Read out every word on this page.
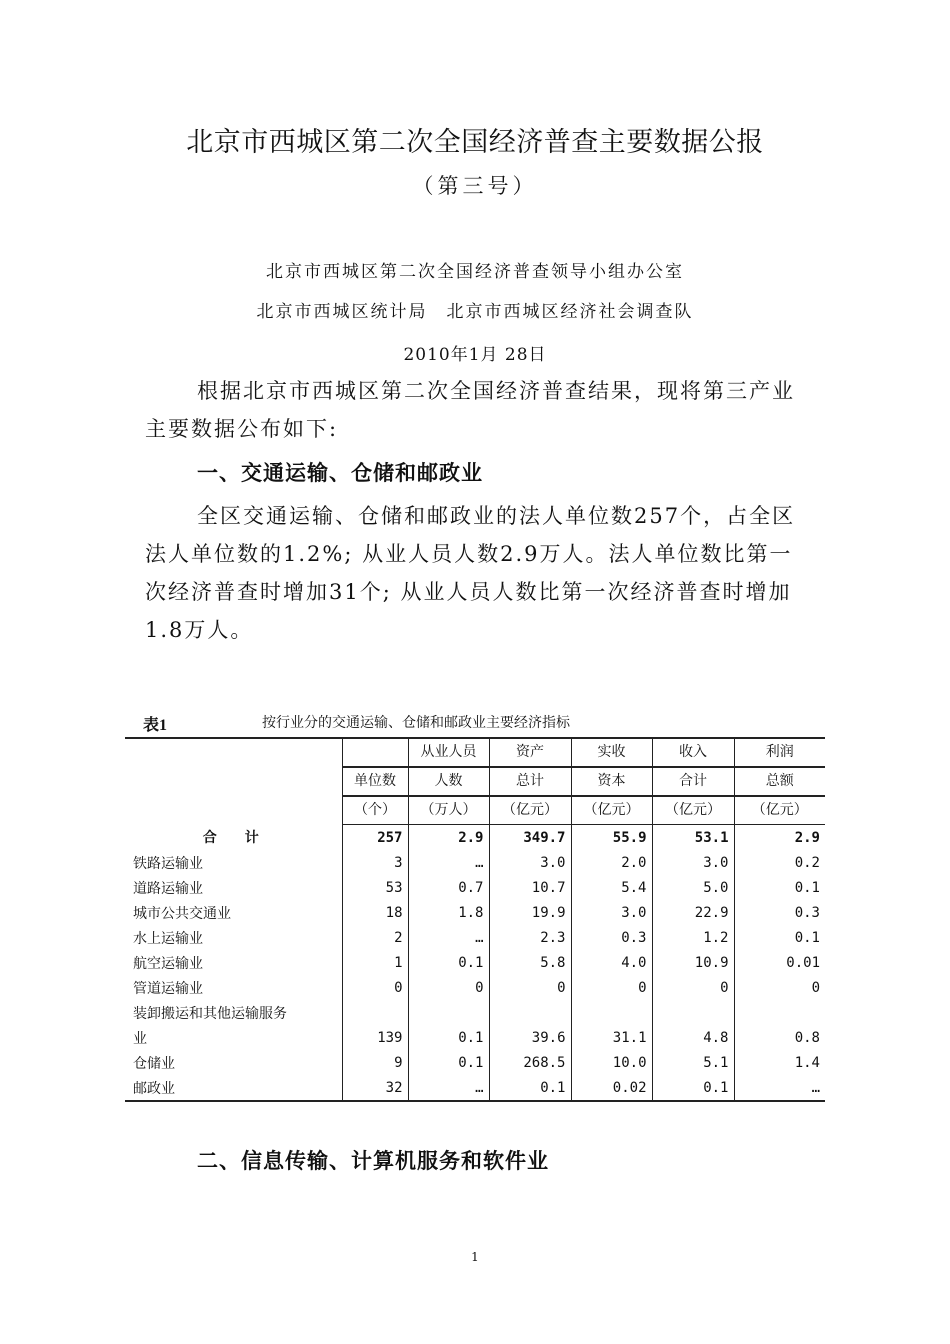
北京市西城区第二次全国经济普查主要数据公报
（第三号）
北京市西城区第二次全国经济普查领导小组办公室
北京市西城区统计局　北京市西城区经济社会调查队
2010年1月 28日
根据北京市西城区第二次全国经济普查结果，现将第三产业主要数据公布如下:
一、交通运输、仓储和邮政业
全区交通运输、仓储和邮政业的法人单位数257个，占全区法人单位数的1.2%; 从业人员人数2.9万人。法人单位数比第一次经济普查时增加31个; 从业人员人数比第一次经济普查时增加1.8万人。
表1	按行业分的交通运输、仓储和邮政业主要经济指标
		从业人员	资产	实收	收入	利润
	单位数	人数	总计	资本	合计	总额
	（个）	（万人）	（亿元）	（亿元）	（亿元）	（亿元）
合　　计	257	2.9	349.7	55.9	53.1	2.9
铁路运输业	3	…	3.0	2.0	3.0	0.2
道路运输业	53	0.7	10.7	5.4	5.0	0.1
城市公共交通业	18	1.8	19.9	3.0	22.9	0.3
水上运输业	2	…	2.3	0.3	1.2	0.1
航空运输业	1	0.1	5.8	4.0	10.9	0.01
管道运输业	0	0	0	0	0	0
装卸搬运和其他运输服务						
业	139	0.1	39.6	31.1	4.8	0.8
仓储业	9	0.1	268.5	10.0	5.1	1.4
邮政业	32	…	0.1	0.02	0.1	…
二、信息传输、计算机服务和软件业
1
